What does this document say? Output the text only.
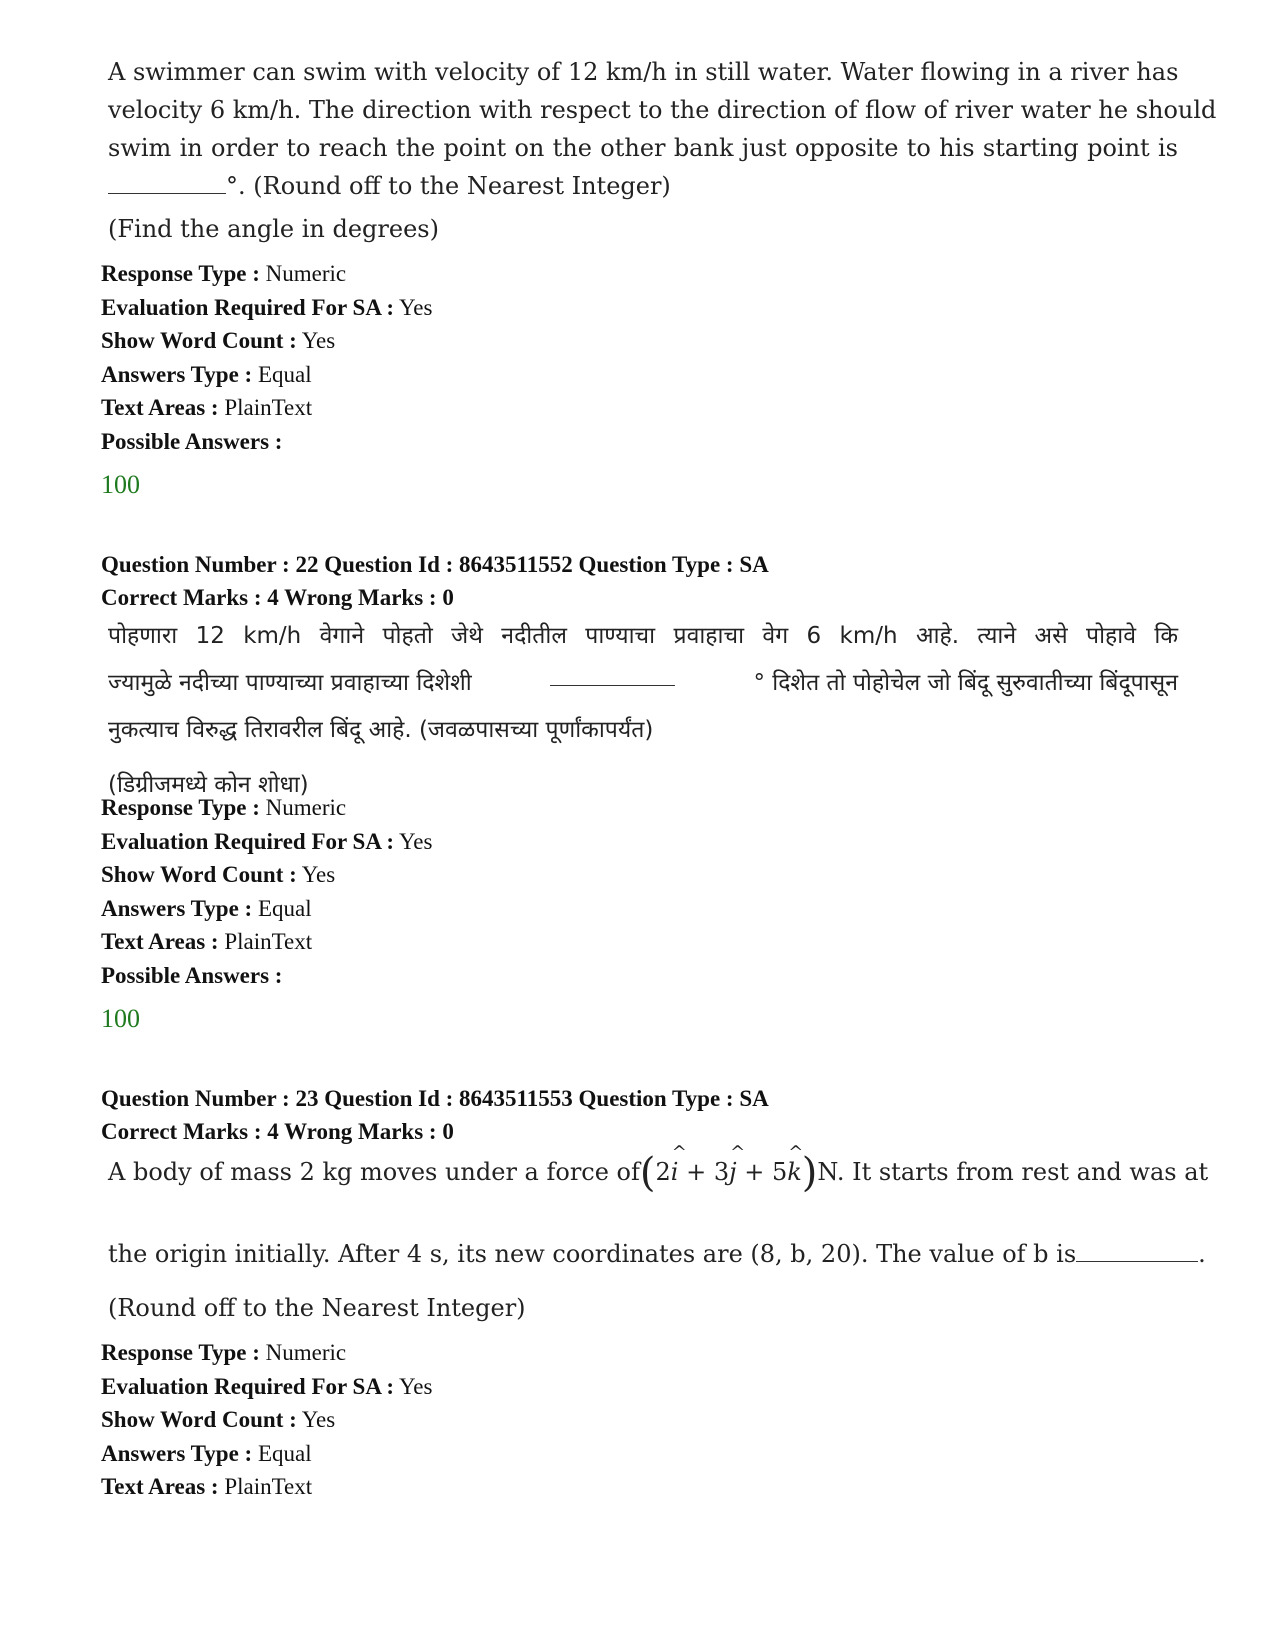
A swimmer can swim with velocity of 12 km/h in still water. Water flowing in a river has
velocity 6 km/h. The direction with respect to the direction of flow of river water he should
swim in order to reach the point on the other bank just opposite to his starting point is
°. (Round off to the Nearest Integer)
(Find the angle in degrees)
Response Type : Numeric
Evaluation Required For SA : Yes
Show Word Count : Yes
Answers Type : Equal
Text Areas : PlainText
Possible Answers :
100
Question Number : 22 Question Id : 8643511552 Question Type : SA
Correct Marks : 4 Wrong Marks : 0
पोहणारा 12 km/h वेगाने पोहतो जेथे नदीतील पाण्याचा प्रवाहाचा वेग 6 km/h आहे. त्याने असे पोहावे कि
ज्यामुळे नदीच्या पाण्याच्या प्रवाहाच्या दिशेशी	° दिशेत तो पोहोचेल जो बिंदू सुरुवातीच्या बिंदूपासून
नुकत्याच विरुद्ध तिरावरील बिंदू आहे. (जवळपासच्या पूर्णांकापर्यंत)
(डिग्रीजमध्ये कोन शोधा)
Response Type : Numeric
Evaluation Required For SA : Yes
Show Word Count : Yes
Answers Type : Equal
Text Areas : PlainText
Possible Answers :
100
Question Number : 23 Question Id : 8643511553 Question Type : SA
Correct Marks : 4 Wrong Marks : 0
A body of mass 2 kg moves under a force of (2
^
i + 3
^
j + 5
^
k) N. It starts from rest and was at
the origin initially. After 4 s, its new coordinates are (8, b, 20). The value of b is	.
(Round off to the Nearest Integer)
Response Type : Numeric
Evaluation Required For SA : Yes
Show Word Count : Yes
Answers Type : Equal
Text Areas : PlainText
